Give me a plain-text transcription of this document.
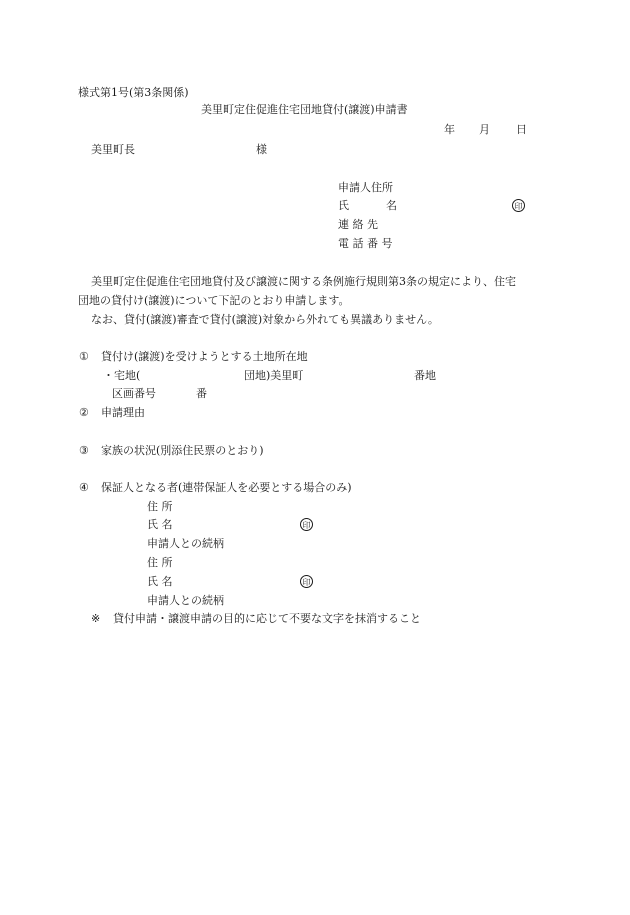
様式第1号(第3条関係)
美里町定住促進住宅団地貸付(譲渡)申請書
年 月 日
美里町長	様
申請人住所
氏	名	印
連 絡 先
電 話 番 号
美里町定住促進住宅団地貸付及び譲渡に関する条例施行規則第3条の規定により、住宅
団地の貸付け(譲渡)について下記のとおり申請します。
なお、貸付(譲渡)審査で貸付(譲渡)対象から外れても異議ありません。
① 貸付け(譲渡)を受けようとする土地所在地
・宅地(	団地)美里町	番地
区画番号	番
② 申請理由
③ 家族の状況(別添住民票のとおり)
④ 保証人となる者(連帯保証人を必要とする場合のみ)
住 所
氏 名	印
申請人との続柄
住 所
氏 名	印
申請人との続柄
※ 貸付申請・譲渡申請の目的に応じて不要な文字を抹消すること
